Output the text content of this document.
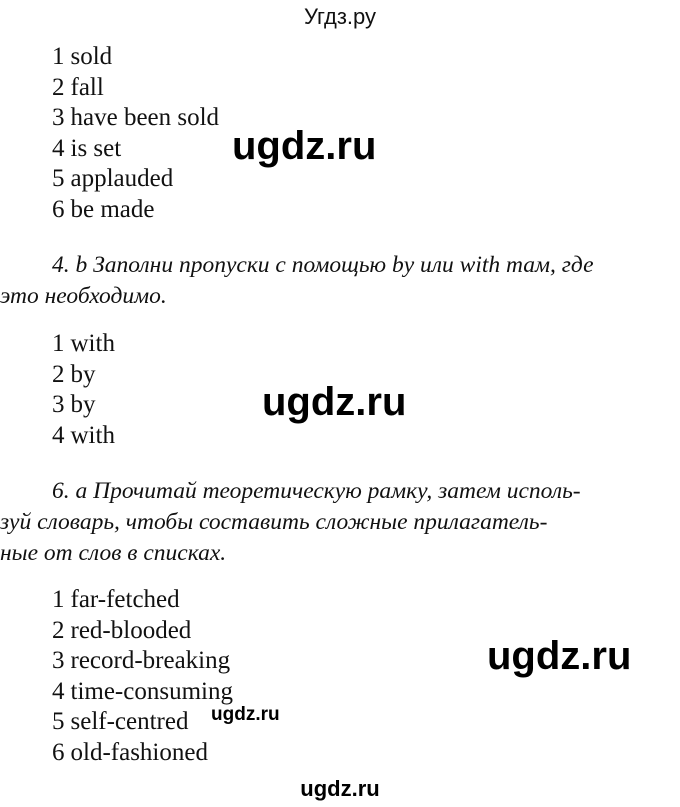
Угдз.ру
1 sold
2 fall
3 have been sold
4 is set
5 applauded
6 be made
4. b Заполни пропуски с помощью by или with там, где
это необходимо.
1 with
2 by
3 by
4 with
6. a Прочитай теоретическую рамку, затем исполь-
зуй словарь, чтобы составить сложные прилагатель-
ные от слов в списках.
1 far-fetched
2 red-blooded
3 record-breaking
4 time-consuming
5 self-centred
6 old-fashioned
ugdz.ru
ugdz.ru
ugdz.ru
ugdz.ru
ugdz.ru
